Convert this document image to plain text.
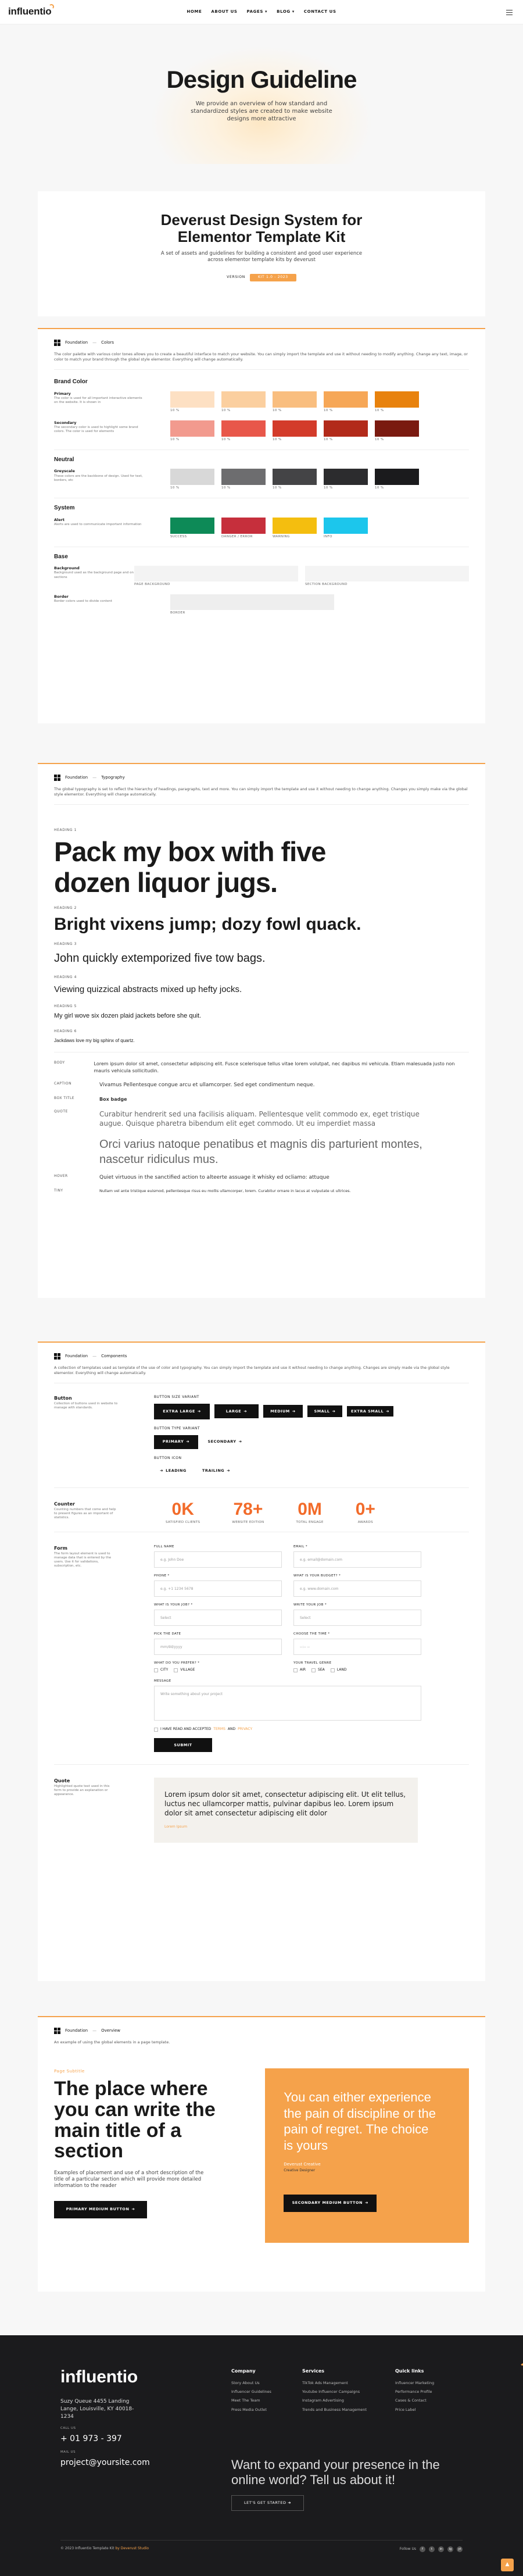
influentio	HOME ABOUT US PAGES ▾ BLOG ▾ CONTACT US
Design Guideline

We provide an overview of how standard and standardized styles are created to make website designs more attractive

Deverust Design System for Elementor Template Kit

A set of assets and guidelines for building a consistent and good user experience across elementor template kits by deverust

VERSION	KIT 1.0 - 2023
Foundation — Colors

The color palette with various color tones allows you to create a beautiful interface to match your website. You can simply import the template and use it without needing to modify anything. Change any text, image, or color to match your brand through the global style elementor. Everything will change automatically.

Brand Color
Primary
The color is used for all important interactive elements on the website. It is shown in
10 %	10 %	10 %	10 %	10 %
Secondary
The secondary color is used to highlight some brand colors. The color is used for elements
10 %	10 %	10 %	10 %	10 %
Neutral
Greyscale
These colors are the backbone of design. Used for text, borders, etc
10 %	10 %	10 %	10 %	10 %
System
Alert
Alerts are used to communicate important information
SUCCESS	DANGER / ERROR	WARNING	INFO
Base
Background
Background used as the background page and on sections
PAGE BACKGROUND	SECTION BACKGROUND
Border
Border colors used to divide content
BORDER
Foundation — Typography

The global typography is set to reflect the hierarchy of headings, paragraphs, text and more. You can simply import the template and use it without needing to change anything. Changes you simply make via the global style elementor. Everything will change automatically.

HEADING 1
Pack my box with five dozen liquor jugs.
HEADING 2
Bright vixens jump; dozy fowl quack.
HEADING 3
John quickly extemporized five tow bags.
HEADING 4
Viewing quizzical abstracts mixed up hefty jocks.
HEADING 5
My girl wove six dozen plaid jackets before she quit.
HEADING 6
Jackdaws love my big sphinx of quartz.
BODY	Lorem ipsum dolor sit amet, consectetur adipiscing elit. Fusce scelerisque tellus vitae lorem volutpat, nec dapibus mi vehicula. Etiam malesuada justo non mauris vehicula sollicitudin.
CAPTION	Vivamus Pellentesque congue arcu et ullamcorper. Sed eget condimentum neque.
BOX TITLE	Box badge
QUOTE	Curabitur hendrerit sed una facilisis aliquam. Pellentesque velit commodo ex, eget tristique augue. Quisque pharetra bibendum elit eget commodo. Ut eu imperdiet massa
Orci varius natoque penatibus et magnis dis parturient montes, nascetur ridiculus mus.
HOVER	Quiet virtuous in the sanctified action to alteerte assuage it whisky ed ocliamo: attuque
TINY	Nullam vel ante tristique euismod, pellentesque risus eu mollis ullamcorper, lorem. Curabitur ornare in lacus at vulputate ut ultrices.
Foundation — Components

A collection of templates used as template of the use of color and typography. You can simply import the template and use it without needing to change anything. Changes are simply made via the global style elementor. Everything will change automatically.

Button
Collection of buttons used in website to manage with standards.
BUTTON SIZE VARIANT
EXTRA LARGE ➜	LARGE ➜	MEDIUM ➜	SMALL ➜	EXTRA SMALL ➜
BUTTON TYPE VARIANT
PRIMARY ➜	SECONDARY ➜
BUTTON ICON
➜ LEADING	TRAILING ➜
Counter
Counting numbers that come and help to present figures as an important of statistics.	0K
SATISFIED CLIENTS
78+
WEBSITE EDITION
0M
TOTAL ENGAGE
0+
AWARDS
Form
The form layout element is used to manage data that is entered by the users. Use it for validations, subscription, etc.
FULL NAME
e.g. John Doe
EMAIL *
e.g. email@domain.com
PHONE *
e.g. +1 1234 5678
WHAT IS YOUR BUDGET? *
e.g. www.domain.com
WHAT IS YOUR JOB? *
Select
WRITE YOUR JOB *
Select
PICK THE DATE
mm/dd/yyyy
CHOOSE THE TIME *
--:-- --
WHAT DO YOU PREFER? *
CITY	VILLAGE
YOUR TRAVEL GENRE
AIR	SEA	LAND
MESSAGE
Write something about your project
I HAVE READ AND ACCEPTED TERMS AND PRIVACY
SUBMIT
Quote
Highlighted quote text used in this form to provide an explanation or appearance.	Lorem ipsum dolor sit amet, consectetur adipiscing elit. Ut elit tellus, luctus nec ullamcorper mattis, pulvinar dapibus leo. Lorem ipsum dolor sit amet consectetur adipiscing elit dolor

Lorem Ipsum
Foundation — Overview

An example of using the global elements in a page template.

Page Subtitle
The place where you can write the main title of a section

Examples of placement and use of a short description of the title of a particular section which will provide more detailed information to the reader

PRIMARY MEDIUM BUTTON ➜
You can either experience the pain of discipline or the pain of regret. The choice is yours
Deverust Creative
Creative Designer
SECONDARY MEDIUM BUTTON ➜
influentio
Suzy Queue 4455 Landing Lange, Louisville, KY 40018-1234
CALL US
+ 01 973 - 397
MAIL US
project@yoursite.com
Company
Story About Us
Influencer Guidelines
Meet The Team
Press Media Outlet
Services
TikTok Ads Management
Youtube Influencer Campaigns
Instagram Advertising
Trends and Business Management
Quick links
Influencer Marketing
Performance Profile
Cases & Contact
Price Label
Want to expand your presence in the online world? Tell us about it!
LET'S GET STARTED
➜
© 2023 Influentio Template Kit by Deverust Studio	Follow Us	f	t	in	ig	yt
▲
